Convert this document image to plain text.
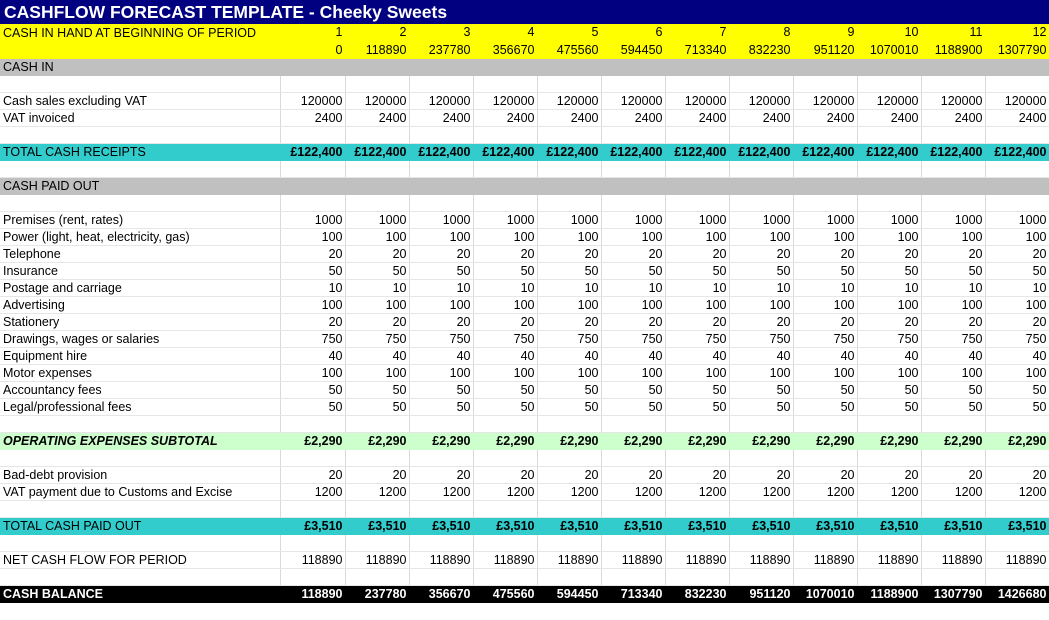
CASHFLOW FORECAST TEMPLATE - Cheeky Sweets
CASH IN HAND AT BEGINNING OF PERIOD	1	2	3	4	5	6	7	8	9	10	11	12
	0	118890	237780	356670	475560	594450	713340	832230	951120	1070010	1188900	1307790
CASH IN												

Cash sales excluding VAT	120000	120000	120000	120000	120000	120000	120000	120000	120000	120000	120000	120000
VAT invoiced	2400	2400	2400	2400	2400	2400	2400	2400	2400	2400	2400	2400

TOTAL CASH RECEIPTS	£122,400	£122,400	£122,400	£122,400	£122,400	£122,400	£122,400	£122,400	£122,400	£122,400	£122,400	£122,400

CASH PAID OUT												

Premises (rent, rates)	1000	1000	1000	1000	1000	1000	1000	1000	1000	1000	1000	1000
Power (light, heat, electricity, gas)	100	100	100	100	100	100	100	100	100	100	100	100
Telephone	20	20	20	20	20	20	20	20	20	20	20	20
Insurance	50	50	50	50	50	50	50	50	50	50	50	50
Postage and carriage	10	10	10	10	10	10	10	10	10	10	10	10
Advertising	100	100	100	100	100	100	100	100	100	100	100	100
Stationery	20	20	20	20	20	20	20	20	20	20	20	20
Drawings, wages or salaries	750	750	750	750	750	750	750	750	750	750	750	750
Equipment hire	40	40	40	40	40	40	40	40	40	40	40	40
Motor expenses	100	100	100	100	100	100	100	100	100	100	100	100
Accountancy fees	50	50	50	50	50	50	50	50	50	50	50	50
Legal/professional fees	50	50	50	50	50	50	50	50	50	50	50	50

OPERATING EXPENSES SUBTOTAL	£2,290	£2,290	£2,290	£2,290	£2,290	£2,290	£2,290	£2,290	£2,290	£2,290	£2,290	£2,290

Bad-debt provision	20	20	20	20	20	20	20	20	20	20	20	20
VAT payment due to Customs and Excise	1200	1200	1200	1200	1200	1200	1200	1200	1200	1200	1200	1200

TOTAL CASH PAID OUT	£3,510	£3,510	£3,510	£3,510	£3,510	£3,510	£3,510	£3,510	£3,510	£3,510	£3,510	£3,510

NET CASH FLOW FOR PERIOD	118890	118890	118890	118890	118890	118890	118890	118890	118890	118890	118890	118890

CASH BALANCE	118890	237780	356670	475560	594450	713340	832230	951120	1070010	1188900	1307790	1426680
